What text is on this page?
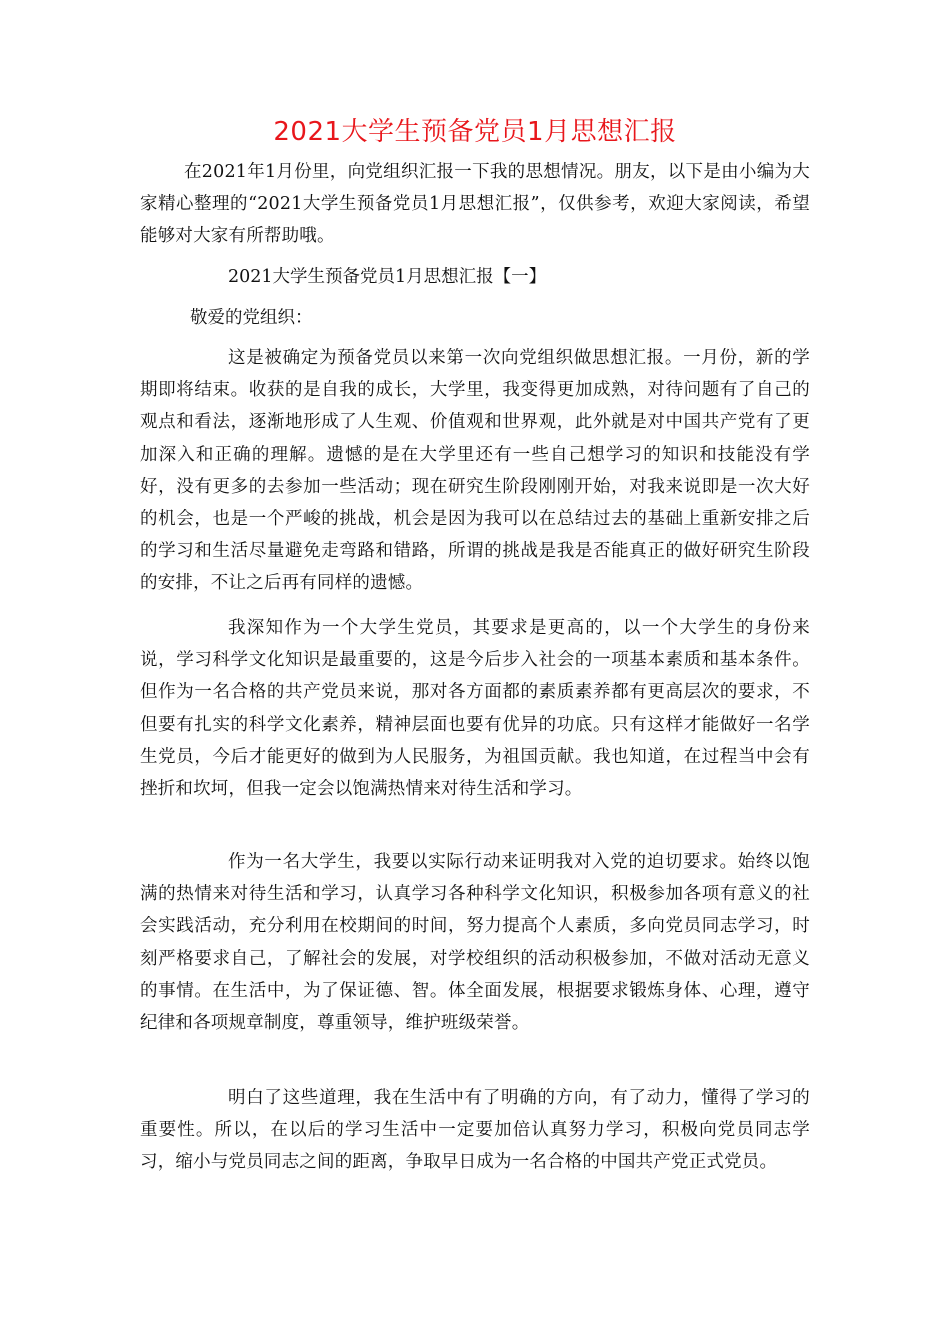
2021大学生预备党员1月思想汇报

在2021年1月份里，向党组织汇报一下我的思想情况。朋友，以下是由小编为大家精心整理的“2021大学生预备党员1月思想汇报”，仅供参考，欢迎大家阅读，希望能够对大家有所帮助哦。

2021大学生预备党员1月思想汇报【一】

敬爱的党组织：

这是被确定为预备党员以来第一次向党组织做思想汇报。一月份，新的学期即将结束。收获的是自我的成长，大学里，我变得更加成熟，对待问题有了自己的观点和看法，逐渐地形成了人生观、价值观和世界观，此外就是对中国共产党有了更加深入和正确的理解。遗憾的是在大学里还有一些自己想学习的知识和技能没有学好，没有更多的去参加一些活动；现在研究生阶段刚刚开始，对我来说即是一次大好的机会，也是一个严峻的挑战，机会是因为我可以在总结过去的基础上重新安排之后的学习和生活尽量避免走弯路和错路，所谓的挑战是我是否能真正的做好研究生阶段的安排，不让之后再有同样的遗憾。

我深知作为一个大学生党员，其要求是更高的，以一个大学生的身份来说，学习科学文化知识是最重要的，这是今后步入社会的一项基本素质和基本条件。但作为一名合格的共产党员来说，那对各方面都的素质素养都有更高层次的要求，不但要有扎实的科学文化素养，精神层面也要有优异的功底。只有这样才能做好一名学生党员，今后才能更好的做到为人民服务，为祖国贡献。我也知道，在过程当中会有挫折和坎坷，但我一定会以饱满热情来对待生活和学习。

作为一名大学生，我要以实际行动来证明我对入党的迫切要求。始终以饱满的热情来对待生活和学习，认真学习各种科学文化知识，积极参加各项有意义的社会实践活动，充分利用在校期间的时间，努力提高个人素质，多向党员同志学习，时刻严格要求自己，了解社会的发展，对学校组织的活动积极参加，不做对活动无意义的事情。在生活中，为了保证德、智。体全面发展，根据要求锻炼身体、心理，遵守纪律和各项规章制度，尊重领导，维护班级荣誉。

明白了这些道理，我在生活中有了明确的方向，有了动力，懂得了学习的重要性。所以，在以后的学习生活中一定要加倍认真努力学习，积极向党员同志学习，缩小与党员同志之间的距离，争取早日成为一名合格的中国共产党正式党员。
